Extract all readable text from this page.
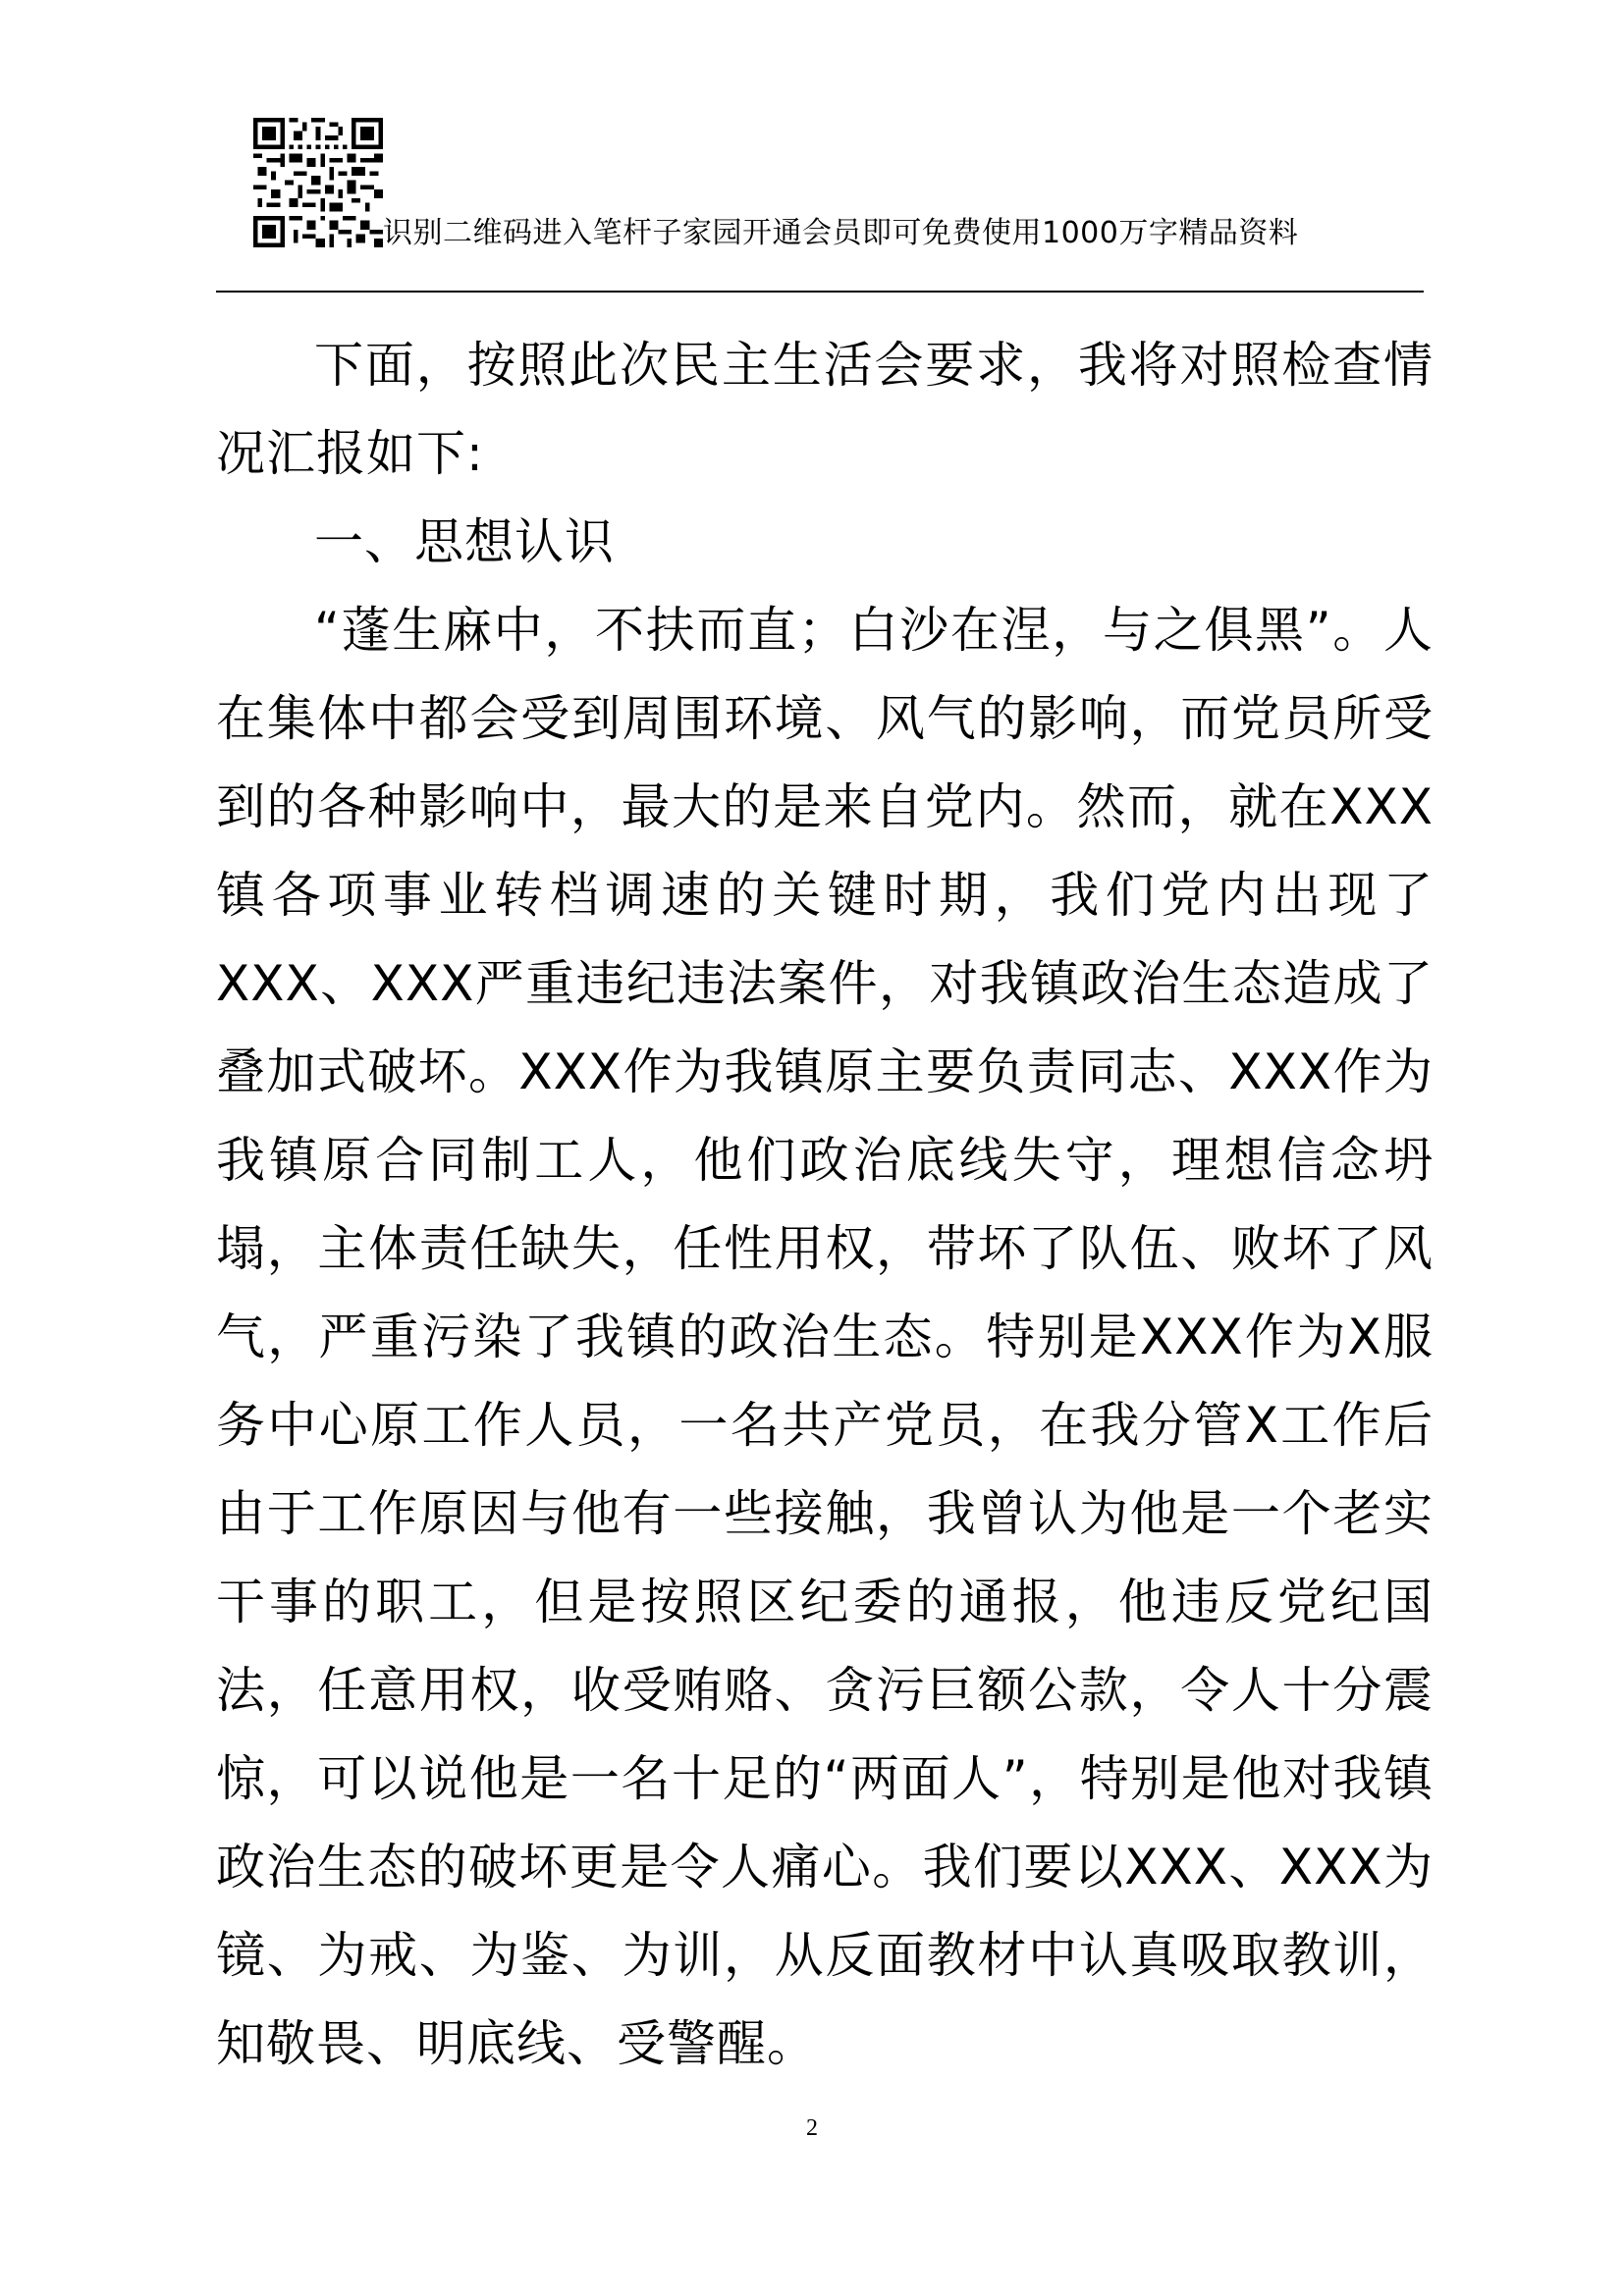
识别二维码进入笔杆子家园开通会员即可免费使用1000万字精品资料

下面，按照此次民主生活会要求，我将对照检查情况汇报如下:

一、思想认识

“蓬生麻中，不扶而直；白沙在涅，与之俱黑”。人在集体中都会受到周围环境、风气的影响，而党员所受到的各种影响中，最大的是来自党内。然而，就在XXX镇各项事业转档调速的关键时期，我们党内出现了XXX、XXX严重违纪违法案件，对我镇政治生态造成了叠加式破坏。XXX作为我镇原主要负责同志、XXX作为我镇原合同制工人，他们政治底线失守，理想信念坍塌，主体责任缺失，任性用权，带坏了队伍、败坏了风气，严重污染了我镇的政治生态。特别是XXX作为X服务中心原工作人员，一名共产党员，在我分管X工作后由于工作原因与他有一些接触，我曾认为他是一个老实干事的职工，但是按照区纪委的通报，他违反党纪国法，任意用权，收受贿赂、贪污巨额公款，令人十分震惊，可以说他是一名十足的“两面人”，特别是他对我镇政治生态的破坏更是令人痛心。我们要以XXX、XXX为镜、为戒、为鉴、为训，从反面教材中认真吸取教训，知敬畏、明底线、受警醒。

2
